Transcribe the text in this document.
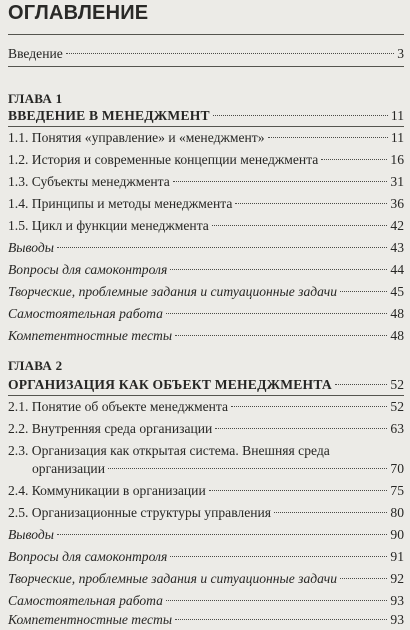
ОГЛАВЛЕНИЕ
Введение	3
ГЛАВА 1
ВВЕДЕНИЕ В МЕНЕДЖМЕНТ	11
1.1. Понятия «управление» и «менеджмент»	11
1.2. История и современные концепции менеджмента	16
1.3. Субъекты менеджмента	31
1.4. Принципы и методы менеджмента	36
1.5. Цикл и функции менеджмента	42
Выводы	43
Вопросы для самоконтроля	44
Творческие, проблемные задания и ситуационные задачи	45
Самостоятельная работа	48
Компетентностные тесты	48
ГЛАВА 2
ОРГАНИЗАЦИЯ КАК ОБЪЕКТ МЕНЕДЖМЕНТА	52
2.1. Понятие об объекте менеджмента	52
2.2. Внутренняя среда организации	63
2.3. Организация как открытая система. Внешняя среда
организации	70
2.4. Коммуникации в организации	75
2.5. Организационные структуры управления	80
Выводы	90
Вопросы для самоконтроля	91
Творческие, проблемные задания и ситуационные задачи	92
Самостоятельная работа	93
Компетентностные тесты	93
